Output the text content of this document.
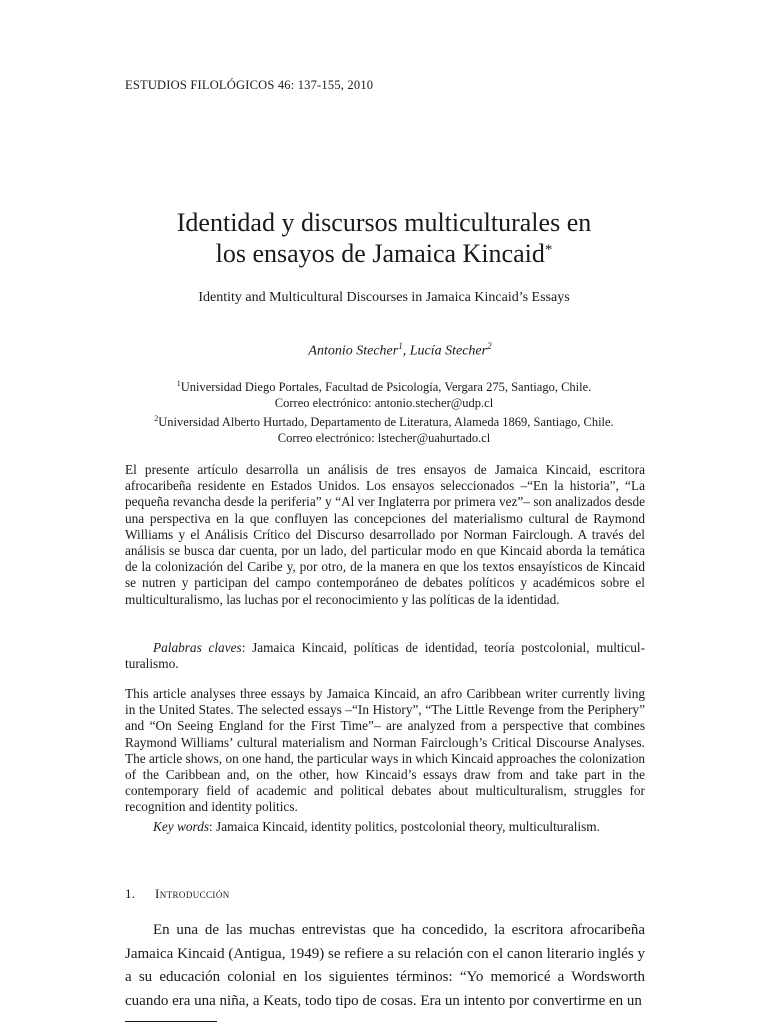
ESTUDIOS FILOLÓGICOS 46: 137-155, 2010
Identidad y discursos multiculturales en
los ensayos de Jamaica Kincaid*
Identity and Multicultural Discourses in Jamaica Kincaid’s Essays
Antonio Stecher$^1$, Lucía Stecher$^2$
$^1$Universidad Diego Portales, Facultad de Psicología, Vergara 275, Santiago, Chile.
Correo electrónico: antonio.stecher@udp.cl
$^2$Universidad Alberto Hurtado, Departamento de Literatura, Alameda 1869, Santiago, Chile.
Correo electrónico: lstecher@uahurtado.cl
El presente artículo desarrolla un análisis de tres ensayos de Jamaica Kincaid, escritora afrocaribeña residente en Estados Unidos. Los ensayos seleccionados –“En la historia”, “La pequeña revancha desde la periferia” y “Al ver Inglaterra por primera vez”– son analizados desde una perspectiva en la que confluyen las concepciones del materialismo cultural de Raymond Williams y el Análisis Crítico del Discurso desarrollado por Norman Fairclough. A través del análisis se busca dar cuenta, por un lado, del particular modo en que Kincaid aborda la temática de la colonización del Caribe y, por otro, de la manera en que los textos ensayísticos de Kincaid se nutren y participan del campo contemporáneo de debates políticos y académicos sobre el multiculturalismo, las luchas por el reconocimiento y las políticas de la identidad.
Palabras claves: Jamaica Kincaid, políticas de identidad, teoría postcolonial, multiculturalismo.
This article analyses three essays by Jamaica Kincaid, an afro Caribbean writer currently living in the United States. The selected essays –“In History”, “The Little Revenge from the Periphery” and “On Seeing England for the First Time”– are analyzed from a perspective that combines Raymond Williams’ cultural materialism and Norman Fairclough’s Critical Discourse Analyses. The article shows, on one hand, the particular ways in which Kincaid approaches the colonization of the Caribbean and, on the other, how Kincaid’s essays draw from and take part in the contemporary field of academic and political debates about multiculturalism, struggles for recognition and identity politics.
Key words: Jamaica Kincaid, identity politics, postcolonial theory, multiculturalism.
1. Introducción
En una de las muchas entrevistas que ha concedido, la escritora afrocaribeña Jamaica Kincaid (Antigua, 1949) se refiere a su relación con el canon literario inglés y a su educación colonial en los siguientes términos: “Yo memoricé a Wordsworth cuando era una niña, a Keats, todo tipo de cosas. Era un intento por convertirme en un
